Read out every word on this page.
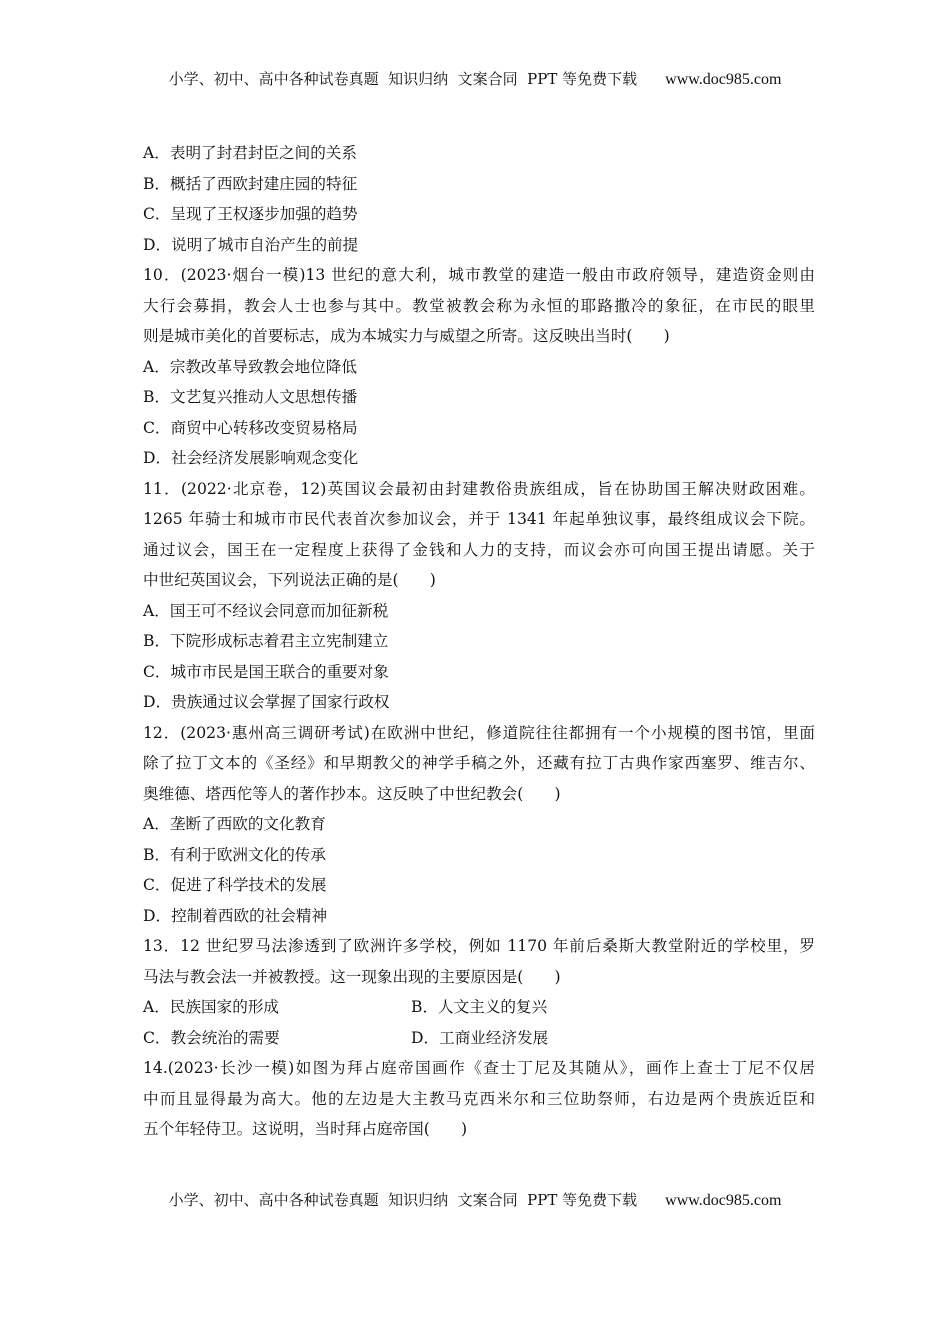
小学、初中、高中各种试卷真题  知识归纳  文案合同  PPT 等免费下载 www.doc985.com
A．表明了封君封臣之间的关系
B．概括了西欧封建庄园的特征
C．呈现了王权逐步加强的趋势
D．说明了城市自治产生的前提
10．(2023·烟台一模)13 世纪的意大利，城市教堂的建造一般由市政府领导，建造资金则由
大行会募捐，教会人士也参与其中。教堂被教会称为永恒的耶路撒冷的象征，在市民的眼里
则是城市美化的首要标志，成为本城实力与威望之所寄。这反映出当时(　　)
A．宗教改革导致教会地位降低
B．文艺复兴推动人文思想传播
C．商贸中心转移改变贸易格局
D．社会经济发展影响观念变化
11．(2022·北京卷，12)英国议会最初由封建教俗贵族组成，旨在协助国王解决财政困难。
1265 年骑士和城市市民代表首次参加议会，并于 1341 年起单独议事，最终组成议会下院。
通过议会，国王在一定程度上获得了金钱和人力的支持，而议会亦可向国王提出请愿。关于
中世纪英国议会，下列说法正确的是(　　)
A．国王可不经议会同意而加征新税
B．下院形成标志着君主立宪制建立
C．城市市民是国王联合的重要对象
D．贵族通过议会掌握了国家行政权
12．(2023·惠州高三调研考试)在欧洲中世纪，修道院往往都拥有一个小规模的图书馆，里面
除了拉丁文本的《圣经》和早期教父的神学手稿之外，还藏有拉丁古典作家西塞罗、维吉尔、
奥维德、塔西佗等人的著作抄本。这反映了中世纪教会(　　)
A．垄断了西欧的文化教育
B．有利于欧洲文化的传承
C．促进了科学技术的发展
D．控制着西欧的社会精神
13．12 世纪罗马法渗透到了欧洲许多学校，例如 1170 年前后桑斯大教堂附近的学校里，罗
马法与教会法一并被教授。这一现象出现的主要原因是(　　)
A．民族国家的形成	B．人文主义的复兴
C．教会统治的需要	D．工商业经济发展
14.(2023·长沙一模)如图为拜占庭帝国画作《查士丁尼及其随从》，画作上查士丁尼不仅居
中而且显得最为高大。他的左边是大主教马克西米尔和三位助祭师，右边是两个贵族近臣和
五个年轻侍卫。这说明，当时拜占庭帝国(　　)
小学、初中、高中各种试卷真题  知识归纳  文案合同  PPT 等免费下载 www.doc985.com
